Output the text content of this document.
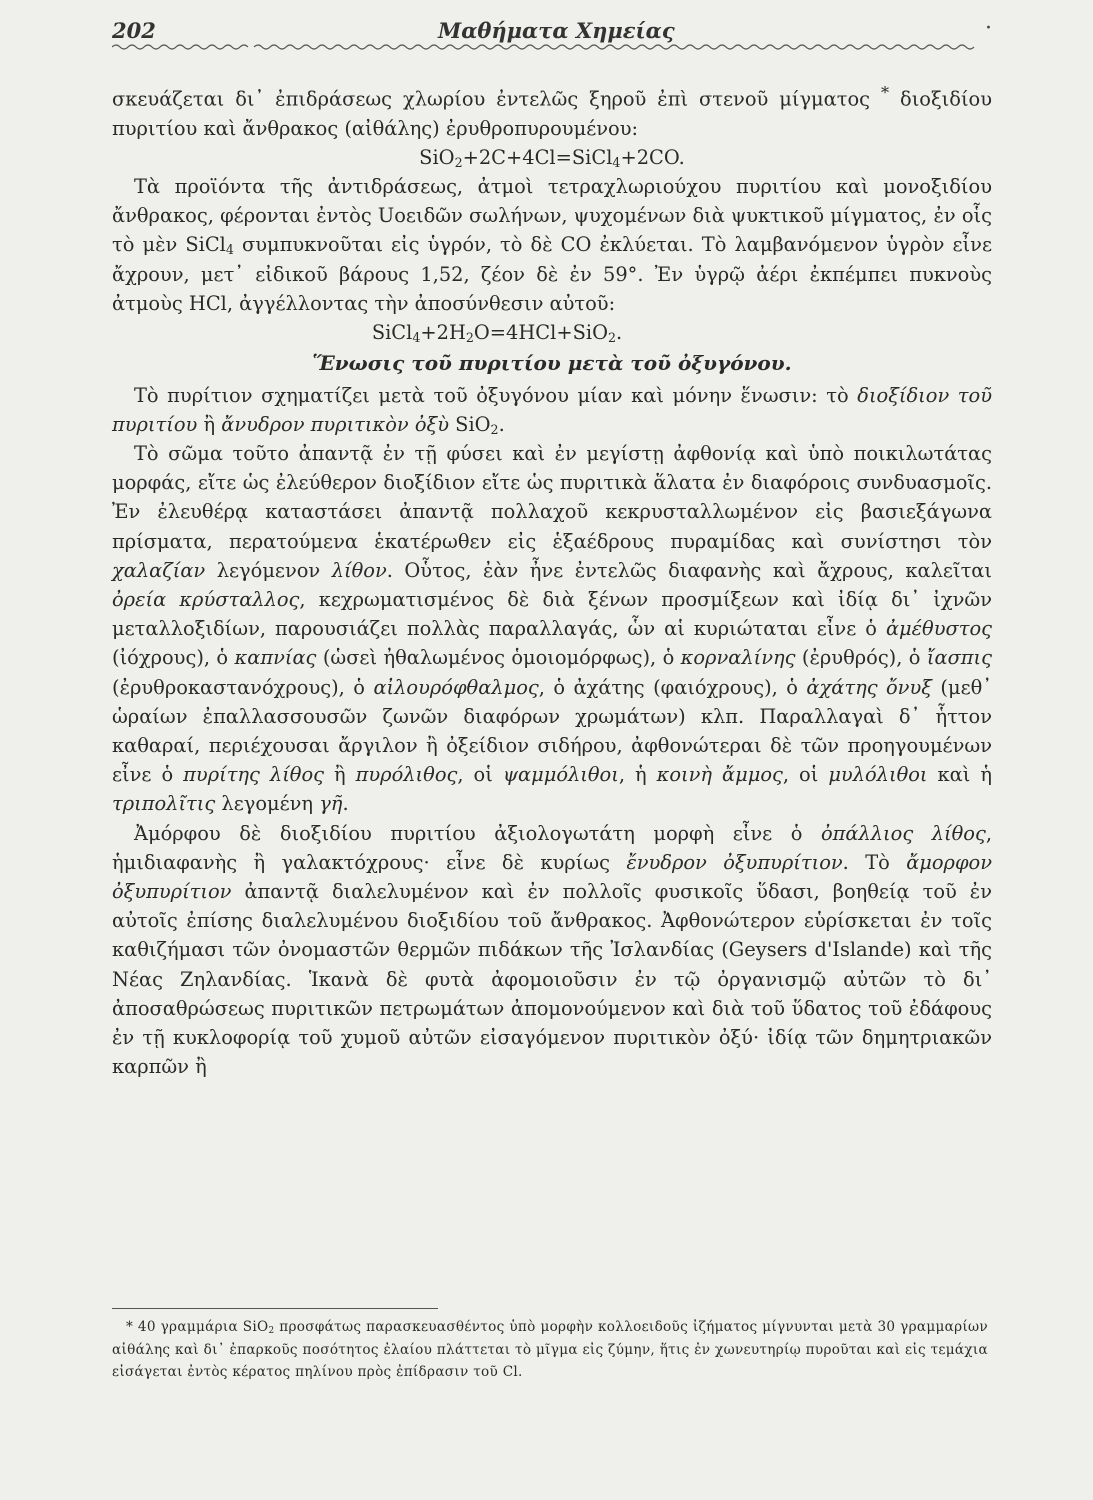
202	Μαθήματα Χημείας	·

σκευάζεται δι᾽ ἐπιδράσεως χλωρίου ἐντελῶς ξηροῦ ἐπὶ στενοῦ μίγματος * διοξιδίου πυριτίου καὶ ἄνθρακος (αἰθάλης) ἐρυθροπυρουμένου:

SiO$_2$+2C+4Cl=SiCl$_4$+2CO.

Τὰ προϊόντα τῆς ἀντιδράσεως, ἀτμοὶ τετραχλωριούχου πυριτίου καὶ μονοξιδίου ἄνθρακος, φέρονται ἐντὸς Uοειδῶν σωλήνων, ψυχομένων διὰ ψυκτικοῦ μίγματος, ἐν οἷς τὸ μὲν SiCl$_4$ συμπυκνοῦται εἰς ὑγρόν, τὸ δὲ CO ἐκλύεται. Τὸ λαμβανόμενον ὑγρὸν εἶνε ἄχρουν, μετ᾽ εἰδικοῦ βάρους 1,52, ζέον δὲ ἐν 59°. Ἐν ὑγρῷ ἀέρι ἐκπέμπει πυκνοὺς ἀτμοὺς HCl, ἀγγέλλοντας τὴν ἀποσύνθεσιν αὐτοῦ:

$SiCl_4+2H_2O=4HCl+SiO_2$.

Ἕνωσις τοῦ πυριτίου μετὰ τοῦ ὀξυγόνου.

Τὸ πυρίτιον σχηματίζει μετὰ τοῦ ὀξυγόνου μίαν καὶ μόνην ἕνωσιν: τὸ διοξίδιον τοῦ πυριτίου ἢ ἄνυδρον πυριτικὸν ὀξὺ SiO$_2$.

Τὸ σῶμα τοῦτο ἀπαντᾷ ἐν τῇ φύσει καὶ ἐν μεγίστῃ ἀφθονίᾳ καὶ ὑπὸ ποικιλωτάτας μορφάς, εἴτε ὡς ἐλεύθερον διοξίδιον εἴτε ὡς πυριτικὰ ἅλατα ἐν διαφόροις συνδυασμοῖς. Ἐν ἐλευθέρᾳ καταστάσει ἀπαντᾷ πολλαχοῦ κεκρυσταλλωμένον εἰς βασιεξάγωνα πρίσματα, περατούμενα ἑκατέρωθεν εἰς ἑξαέδρους πυραμίδας καὶ συνίστησι τὸν χαλαζίαν λεγόμενον λίθον. Οὗτος, ἐὰν ἦνε ἐντελῶς διαφανὴς καὶ ἄχρους, καλεῖται ὀρεία κρύσταλλος, κεχρωματισμένος δὲ διὰ ξένων προσμίξεων καὶ ἰδίᾳ δι᾽ ἰχνῶν μεταλλοξιδίων, παρουσιάζει πολλὰς παραλλαγάς, ὧν αἱ κυριώταται εἶνε ὁ ἀμέθυστος (ἰόχρους), ὁ καπνίας (ὡσεὶ ἠθαλωμένος ὁμοιομόρφως), ὁ κορναλίνης (ἐρυθρός), ὁ ἴασπις (ἐρυθροκαστανόχρους), ὁ αἰλουρόφθαλμος, ὁ ἀχάτης (φαιόχρους), ὁ ἀχάτης ὄνυξ (μεθ᾽ ὡραίων ἐπαλλασσουσῶν ζωνῶν διαφόρων χρωμάτων) κλπ. Παραλλαγαὶ δ᾽ ἧττον καθαραί, περιέχουσαι ἄργιλον ἢ ὀξείδιον σιδήρου, ἀφθονώτεραι δὲ τῶν προηγουμένων εἶνε ὁ πυρίτης λίθος ἢ πυρόλιθος, οἱ ψαμμόλιθοι, ἡ κοινὴ ἄμμος, οἱ μυλόλιθοι καὶ ἡ τριπολῖτις λεγομένη γῆ.

Ἀμόρφου δὲ διοξιδίου πυριτίου ἀξιολογωτάτη μορφὴ εἶνε ὁ ὀπάλλιος λίθος, ἡμιδιαφανὴς ἢ γαλακτόχρους· εἶνε δὲ κυρίως ἔνυδρον ὀξυπυρίτιον. Τὸ ἄμορφον ὀξυπυρίτιον ἀπαντᾷ διαλελυμένον καὶ ἐν πολλοῖς φυσικοῖς ὕδασι, βοηθείᾳ τοῦ ἐν αὐτοῖς ἐπίσης διαλελυμένου διοξιδίου τοῦ ἄνθρακος. Ἀφθονώτερον εὑρίσκεται ἐν τοῖς καθιζήμασι τῶν ὀνομαστῶν θερμῶν πιδάκων τῆς Ἰσλανδίας (Geysers d'Islande) καὶ τῆς Νέας Ζηλανδίας. Ἱκανὰ δὲ φυτὰ ἀφομοιοῦσιν ἐν τῷ ὀργανισμῷ αὐτῶν τὸ δι᾽ ἀποσαθρώσεως πυριτικῶν πετρωμάτων ἀπομονούμενον καὶ διὰ τοῦ ὕδατος τοῦ ἐδάφους ἐν τῇ κυκλοφορίᾳ τοῦ χυμοῦ αὐτῶν εἰσαγόμενον πυριτικὸν ὀξύ· ἰδίᾳ τῶν δημητριακῶν καρπῶν ἢ

* 40 γραμμάρια SiO$_2$ προσφάτως παρασκευασθέντος ὑπὸ μορφὴν κολλοειδοῦς ἰζήματος μίγνυνται μετὰ 30 γραμμαρίων αἰθάλης καὶ δι᾽ ἐπαρκοῦς ποσότητος ἐλαίου πλάττεται τὸ μῖγμα εἰς ζύμην, ἥτις ἐν χωνευτηρίῳ πυροῦται καὶ εἰς τεμάχια εἰσάγεται ἐντὸς κέρατος πηλίνου πρὸς ἐπίδρασιν τοῦ Cl.
